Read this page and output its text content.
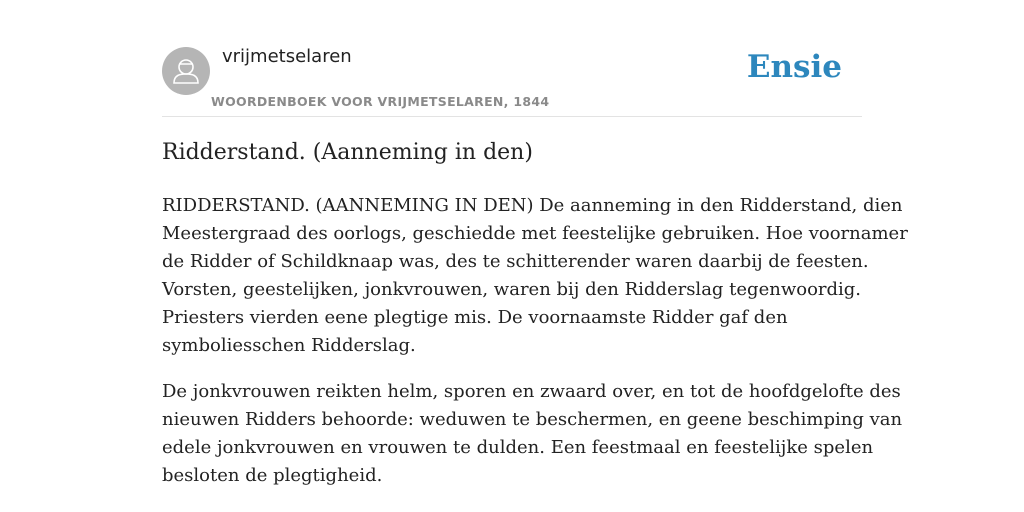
vrijmetselaren
WOORDENBOEK VOOR VRIJMETSELAREN, 1844
Ensie
Ridderstand. (Aanneming in den)

RIDDERSTAND. (AANNEMING IN DEN) De aanneming in den Ridderstand, dien
Meestergraad des oorlogs, geschiedde met feestelijke gebruiken. Hoe voornamer
de Ridder of Schildknaap was, des te schitterender waren daarbij de feesten.
Vorsten, geestelijken, jonkvrouwen, waren bij den Ridderslag tegenwoordig.
Priesters vierden eene plegtige mis. De voornaamste Ridder gaf den
symboliesschen Ridderslag.

De jonkvrouwen reikten helm, sporen en zwaard over, en tot de hoofdgelofte des
nieuwen Ridders behoorde: weduwen te beschermen, en geene beschimping van
edele jonkvrouwen en vrouwen te dulden. Een feestmaal en feestelijke spelen
besloten de plegtigheid.
